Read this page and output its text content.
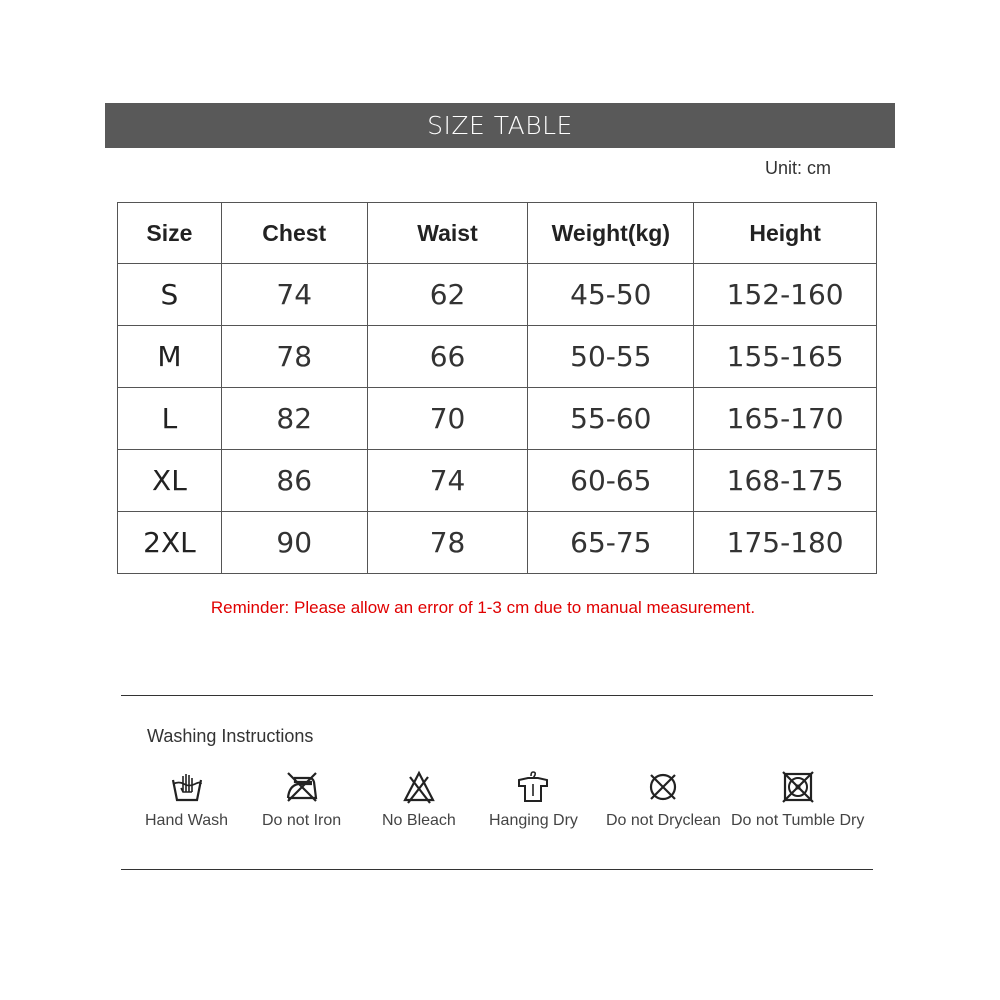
SIZE TABLE
Unit: cm
Size	Chest	Waist	Weight(kg)	Height
S	74	62	45-50	152-160
M	78	66	50-55	155-165
L	82	70	55-60	165-170
XL	86	74	60-65	168-175
2XL	90	78	65-75	175-180
Reminder: Please allow an error of 1-3 cm due to manual measurement.
Washing Instructions
Hand Wash Do not Iron	No Bleach Hanging Dry Do not Dryclean Do not Tumble Dry
